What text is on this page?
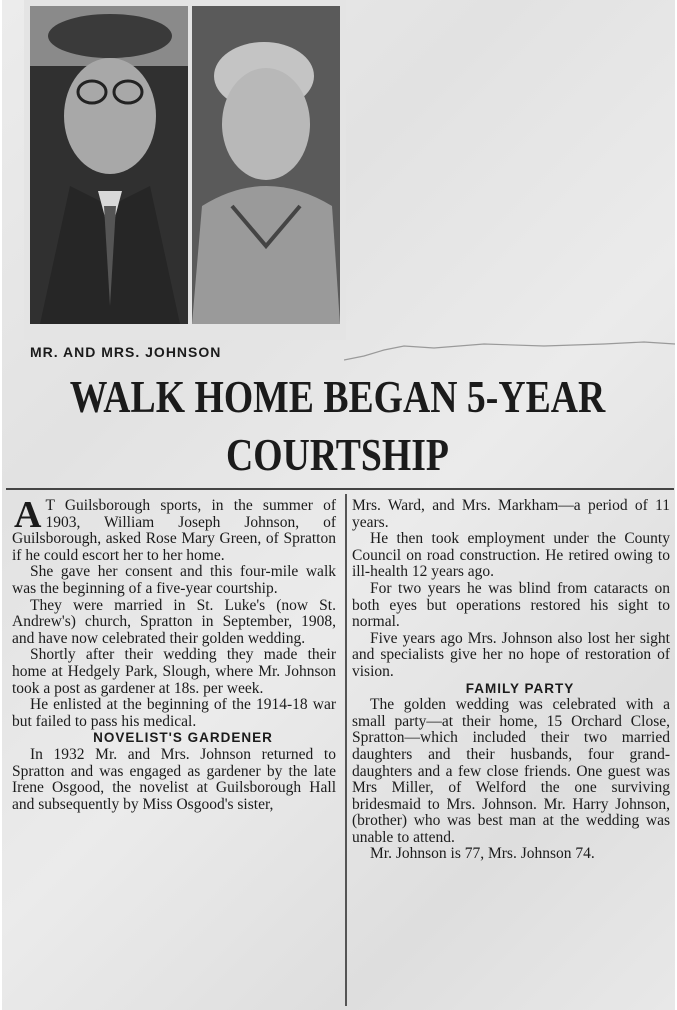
MR. AND MRS. JOHNSON
WALK HOME BEGAN 5-YEAR
COURTSHIP

A T Guilsborough sports, in the summer of 1903, William Joseph Johnson, of Guilsborough, asked Rose Mary Green, of Spratton if he could escort her to her home.

She gave her consent and this four-mile walk was the beginning of a five-year courtship.

They were married in St. Luke's (now St. Andrew's) church, Spratton in September, 1908, and have now celebrated their golden wedding.

Shortly after their wedding they made their home at Hedgely Park, Slough, where Mr. Johnson took a post as gardener at 18s. per week.

He enlisted at the beginning of the 1914-18 war but failed to pass his medical.

NOVELIST'S GARDENER

In 1932 Mr. and Mrs. Johnson returned to Spratton and was engaged as gardener by the late Irene Osgood, the novelist at Guilsborough Hall and subsequently by Miss Osgood's sister,

Mrs. Ward, and Mrs. Markham—a period of 11 years.

He then took employment under the County Council on road construction. He retired owing to ill-health 12 years ago.

For two years he was blind from cataracts on both eyes but operations restored his sight to normal.

Five years ago Mrs. Johnson also lost her sight and specialists give her no hope of restoration of vision.

FAMILY PARTY

The golden wedding was celebrated with a small party—at their home, 15 Orchard Close, Spratton—which included their two married daughters and their husbands, four grand-daughters and a few close friends. One guest was Mrs Miller, of Welford the one surviving bridesmaid to Mrs. Johnson. Mr. Harry Johnson, (brother) who was best man at the wedding was unable to attend.

Mr. Johnson is 77, Mrs. Johnson 74.
